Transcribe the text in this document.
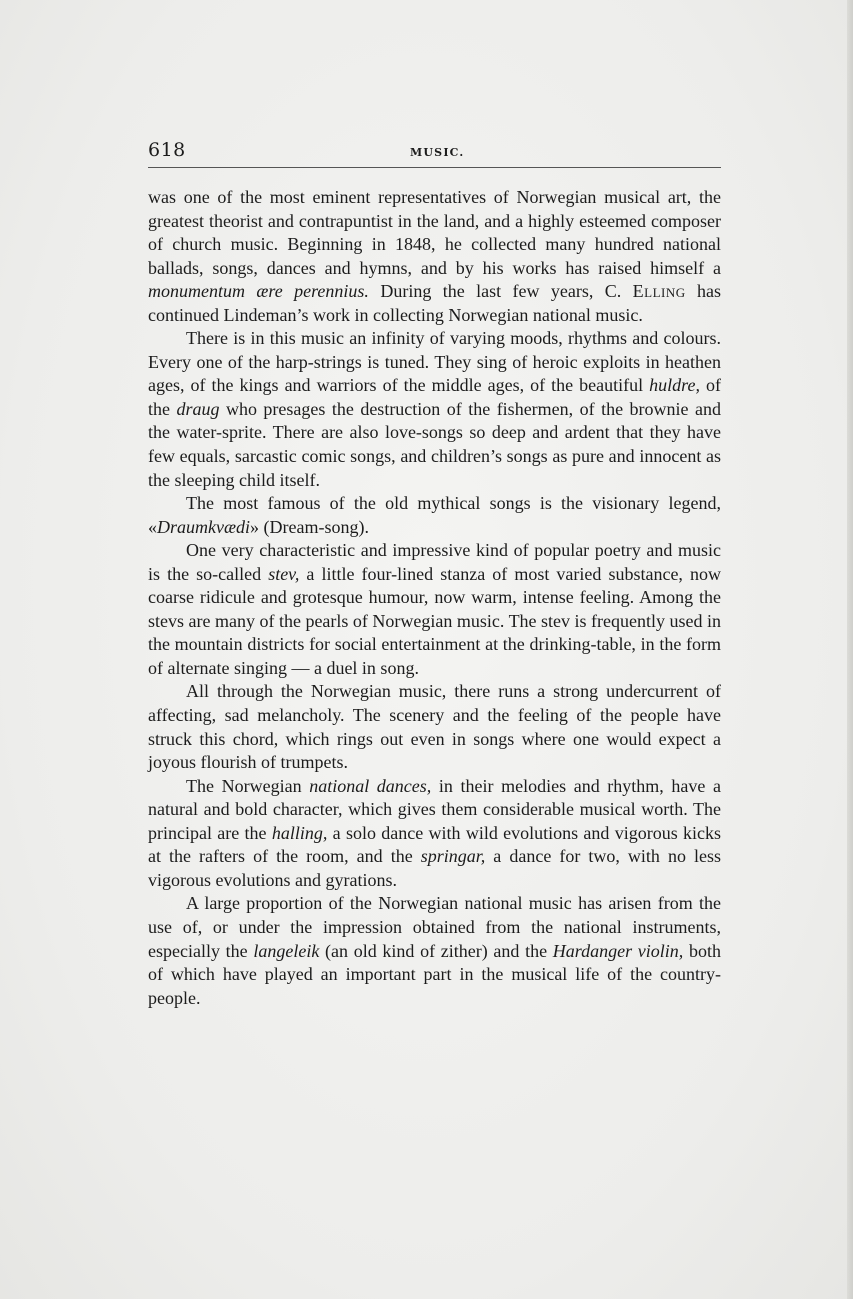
618	MUSIC.

was one of the most eminent representatives of Norwegian musical art, the greatest theorist and contrapuntist in the land, and a highly esteemed composer of church music. Beginning in 1848, he collected many hundred national ballads, songs, dances and hymns, and by his works has raised himself a monumentum ære perennius. During the last few years, C. Elling has continued Lindeman’s work in collecting Norwegian national music.

There is in this music an infinity of varying moods, rhythms and colours. Every one of the harp-strings is tuned. They sing of heroic exploits in heathen ages, of the kings and warriors of the middle ages, of the beautiful huldre, of the draug who presages the destruction of the fishermen, of the brownie and the water-sprite. There are also love-songs so deep and ardent that they have few equals, sarcastic comic songs, and children’s songs as pure and innocent as the sleeping child itself.

The most famous of the old mythical songs is the visionary legend, «Draumkvædi» (Dream-song).

One very characteristic and impressive kind of popular poetry and music is the so-called stev, a little four-lined stanza of most varied substance, now coarse ridicule and grotesque humour, now warm, intense feeling. Among the stevs are many of the pearls of Norwegian music. The stev is frequently used in the mountain districts for social entertainment at the drinking-table, in the form of alternate singing — a duel in song.

All through the Norwegian music, there runs a strong undercurrent of affecting, sad melancholy. The scenery and the feeling of the people have struck this chord, which rings out even in songs where one would expect a joyous flourish of trumpets.

The Norwegian national dances, in their melodies and rhythm, have a natural and bold character, which gives them considerable musical worth. The principal are the halling, a solo dance with wild evolutions and vigorous kicks at the rafters of the room, and the springar, a dance for two, with no less vigorous evolutions and gyrations.

A large proportion of the Norwegian national music has arisen from the use of, or under the impression obtained from the national instruments, especially the langeleik (an old kind of zither) and the Hardanger violin, both of which have played an important part in the musical life of the country-people.
